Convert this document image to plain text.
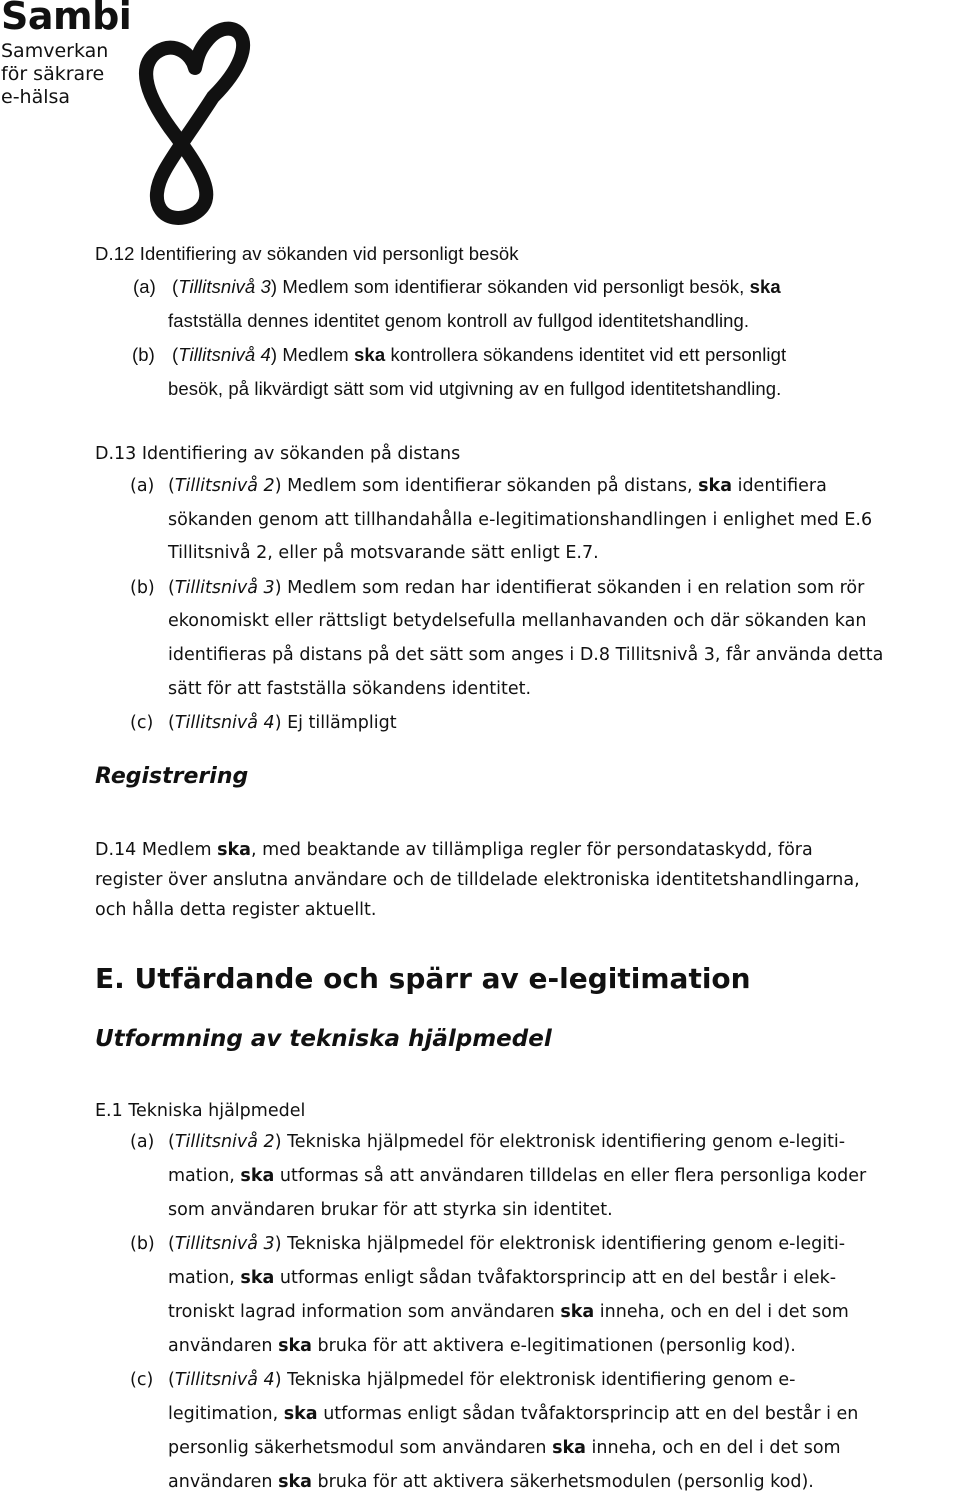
Sambi
Samverkan
för säkrare
e-hälsa
D.12 Identifiering av sökanden vid personligt besök
(a) (Tillitsnivå 3) Medlem som identifierar sökanden vid personligt besök, ska
fastställa dennes identitet genom kontroll av fullgod identitetshandling.
(b) (Tillitsnivå 4) Medlem ska kontrollera sökandens identitet vid ett personligt
besök, på likvärdigt sätt som vid utgivning av en fullgod identitetshandling.
D.13 Identifiering av sökanden på distans
(a) (Tillitsnivå 2) Medlem som identifierar sökanden på distans, ska identifiera
sökanden genom att tillhandahålla e-legitimationshandlingen i enlighet med E.6
Tillitsnivå 2, eller på motsvarande sätt enligt E.7.
(b) (Tillitsnivå 3) Medlem som redan har identifierat sökanden i en relation som rör
ekonomiskt eller rättsligt betydelsefulla mellanhavanden och där sökanden kan
identifieras på distans på det sätt som anges i D.8 Tillitsnivå 3, får använda detta
sätt för att fastställa sökandens identitet.
(c) (Tillitsnivå 4) Ej tillämpligt
Registrering
D.14 Medlem ska, med beaktande av tillämpliga regler för persondataskydd, föra
register över anslutna användare och de tilldelade elektroniska identitetshandlingarna,
och hålla detta register aktuellt.
E. Utfärdande och spärr av e-legitimation
Utformning av tekniska hjälpmedel
E.1 Tekniska hjälpmedel
(a) (Tillitsnivå 2) Tekniska hjälpmedel för elektronisk identifiering genom e-legiti-
mation, ska utformas så att användaren tilldelas en eller flera personliga koder
som användaren brukar för att styrka sin identitet.
(b) (Tillitsnivå 3) Tekniska hjälpmedel för elektronisk identifiering genom e-legiti-
mation, ska utformas enligt sådan tvåfaktorsprincip att en del består i elek-
troniskt lagrad information som användaren ska inneha, och en del i det som
användaren ska bruka för att aktivera e-legitimationen (personlig kod).
(c) (Tillitsnivå 4) Tekniska hjälpmedel för elektronisk identifiering genom e-
legitimation, ska utformas enligt sådan tvåfaktorsprincip att en del består i en
personlig säkerhetsmodul som användaren ska inneha, och en del i det som
användaren ska bruka för att aktivera säkerhetsmodulen (personlig kod).
